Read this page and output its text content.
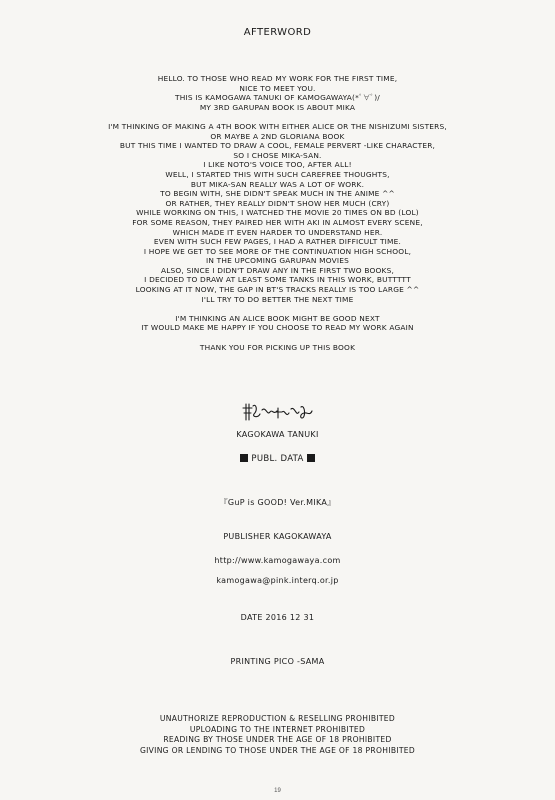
AFTERWORD
HELLO. TO THOSE WHO READ MY WORK FOR THE FIRST TIME,
NICE TO MEET YOU.
THIS IS KAMOGAWA TANUKI OF KAMOGAWAYA(*ﾟ∀ﾟ)/
MY 3RD GARUPAN BOOK IS ABOUT MIKA
I'M THINKING OF MAKING A 4TH BOOK WITH EITHER ALICE OR THE NISHIZUMI SISTERS,
OR MAYBE A 2ND GLORIANA BOOK
BUT THIS TIME I WANTED TO DRAW A COOL, FEMALE PERVERT -LIKE CHARACTER,
SO I CHOSE MIKA-SAN.
I LIKE NOTO'S VOICE TOO, AFTER ALL!
WELL, I STARTED THIS WITH SUCH CAREFREE THOUGHTS,
BUT MIKA-SAN REALLY WAS A LOT OF WORK.
TO BEGIN WITH, SHE DIDN'T SPEAK MUCH IN THE ANIME ^^
OR RATHER, THEY REALLY DIDN'T SHOW HER MUCH (CRY)
WHILE WORKING ON THIS, I WATCHED THE MOVIE 20 TIMES ON BD (LOL)
FOR SOME REASON, THEY PAIRED HER WITH AKI IN ALMOST EVERY SCENE,
WHICH MADE IT EVEN HARDER TO UNDERSTAND HER.
EVEN WITH SUCH FEW PAGES, I HAD A RATHER DIFFICULT TIME.
I HOPE WE GET TO SEE MORE OF THE CONTINUATION HIGH SCHOOL,
IN THE UPCOMING GARUPAN MOVIES
ALSO, SINCE I DIDN'T DRAW ANY IN THE FIRST TWO BOOKS,
I DECIDED TO DRAW AT LEAST SOME TANKS IN THIS WORK, BUTTTTT
LOOKING AT IT NOW, THE GAP IN BT'S TRACKS REALLY IS TOO LARGE ^^
I'LL TRY TO DO BETTER THE NEXT TIME
I'M THINKING AN ALICE BOOK MIGHT BE GOOD NEXT
IT WOULD MAKE ME HAPPY IF YOU CHOOSE TO READ MY WORK AGAIN
THANK YOU FOR PICKING UP THIS BOOK
KAGOKAWA TANUKI
PUBL. DATA
『GuP is GOOD! Ver.MIKA』
PUBLISHER KAGOKAWAYA
http://www.kamogawaya.com
kamogawa@pink.interq.or.jp
DATE 2016 12 31
PRINTING PICO -SAMA
UNAUTHORIZE REPRODUCTION & RESELLING PROHIBITED
UPLOADING TO THE INTERNET PROHIBITED
READING BY THOSE UNDER THE AGE OF 18 PROHIBITED
GIVING OR LENDING TO THOSE UNDER THE AGE OF 18 PROHIBITED
19
